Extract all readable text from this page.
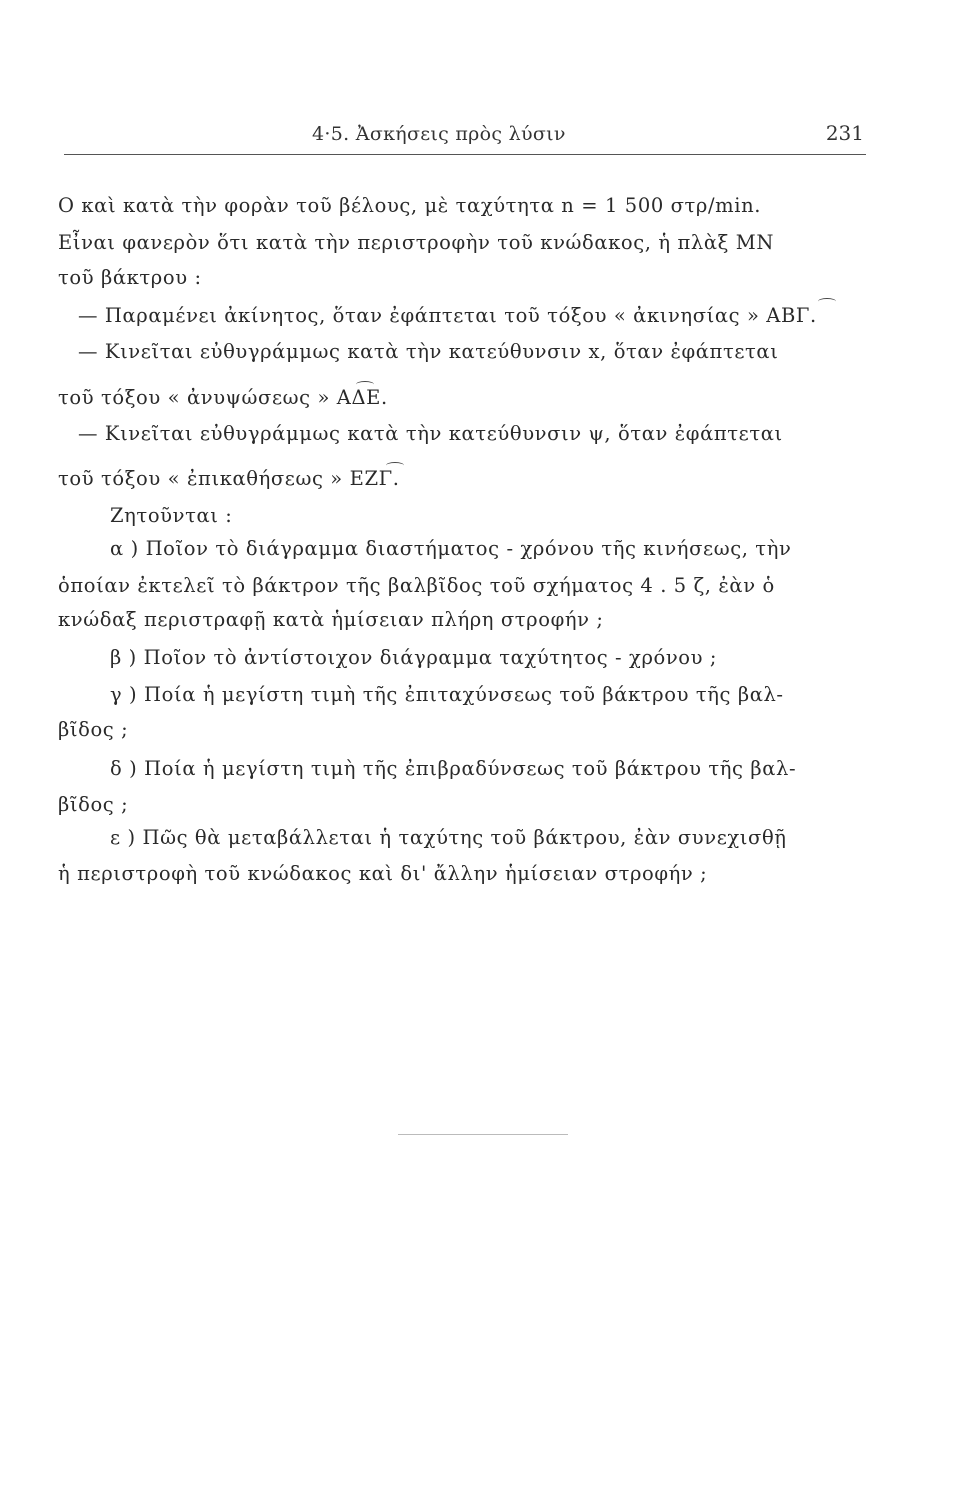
4·5. Ἀσκήσεις πρὸς λύσιν	231
Ο καὶ κατὰ τὴν φορὰν τοῦ βέλους, μὲ ταχύτητα n = 1 500 στρ/min.
Εἶναι φανερὸν ὅτι κατὰ τὴν περιστροφὴν τοῦ κνώδακος, ἡ πλὰξ ΜΝ
τοῦ βάκτρου :
— Παραμένει ἀκίνητος, ὅταν ἐφάπτεται τοῦ τόξου « ἀκινησίας » ΑΒΓ.
— Κινεῖται εὐθυγράμμως κατὰ τὴν κατεύθυνσιν x, ὅταν ἐφάπτεται
τοῦ τόξου « ἀνυψώσεως » ΑΔΕ.
— Κινεῖται εὐθυγράμμως κατὰ τὴν κατεύθυνσιν ψ, ὅταν ἐφάπτεται
τοῦ τόξου « ἐπικαθήσεως » ΕΖΓ.
Ζητοῦνται :
α ) Ποῖον τὸ διάγραμμα διαστήματος - χρόνου τῆς κινήσεως, τὴν
ὁποίαν ἐκτελεῖ τὸ βάκτρον τῆς βαλβῖδος τοῦ σχήματος 4 . 5 ζ, ἐὰν ὁ
κνώδαξ περιστραφῇ κατὰ ἡμίσειαν πλήρη στροφήν ;
β ) Ποῖον τὸ ἀντίστοιχον διάγραμμα ταχύτητος - χρόνου ;
γ ) Ποία ἡ μεγίστη τιμὴ τῆς ἐπιταχύνσεως τοῦ βάκτρου τῆς βαλ-
βῖδος ;
δ ) Ποία ἡ μεγίστη τιμὴ τῆς ἐπιβραδύνσεως τοῦ βάκτρου τῆς βαλ-
βῖδος ;
ε ) Πῶς θὰ μεταβάλλεται ἡ ταχύτης τοῦ βάκτρου, ἐὰν συνεχισθῇ
ἡ περιστροφὴ τοῦ κνώδακος καὶ δι' ἄλλην ἡμίσειαν στροφήν ;
